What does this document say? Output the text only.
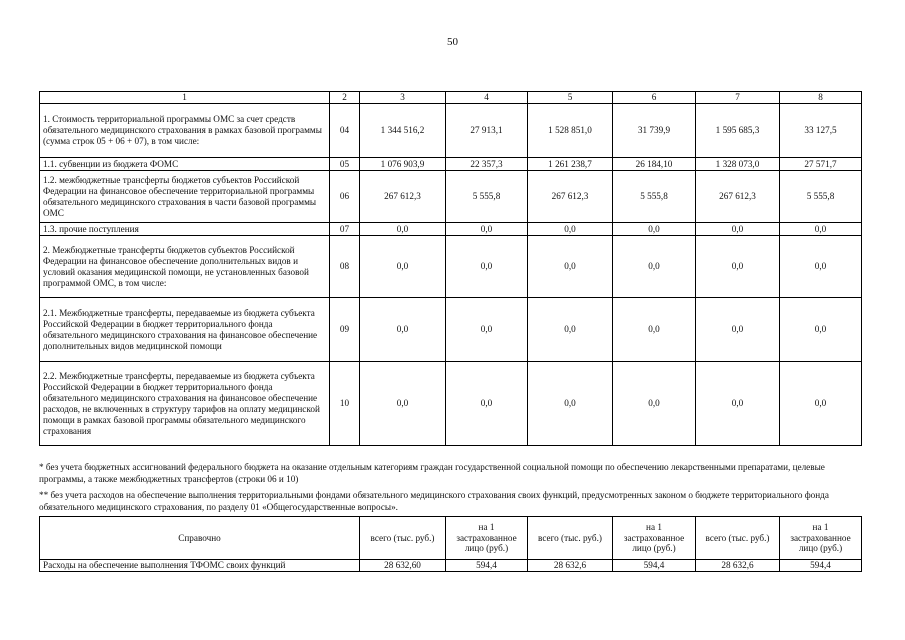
50
1	2	3	4	5	6	7	8
1. Стоимость территориальной программы ОМС за счет средств обязательного медицинского страхования в рамках базовой программы (сумма строк 05 + 06 + 07), в том числе:	04	1 344 516,2	27 913,1	1 528 851,0	31 739,9	1 595 685,3	33 127,5
1.1. субвенции из бюджета ФОМС	05	1 076 903,9	22 357,3	1 261 238,7	26 184,10	1 328 073,0	27 571,7
1.2. межбюджетные трансферты бюджетов субъектов Российской Федерации на финансовое обеспечение территориальной программы обязательного медицинского страхования в части базовой программы ОМС	06	267 612,3	5 555,8	267 612,3	5 555,8	267 612,3	5 555,8
1.3. прочие поступления	07	0,0	0,0	0,0	0,0	0,0	0,0
2. Межбюджетные трансферты бюджетов субъектов Российской Федерации на финансовое обеспечение дополнительных видов и условий оказания медицинской помощи, не установленных базовой программой ОМС, в том числе:	08	0,0	0,0	0,0	0,0	0,0	0,0
2.1. Межбюджетные трансферты, передаваемые из бюджета субъекта Российской Федерации в бюджет территориального фонда обязательного медицинского страхования на финансовое обеспечение дополнительных видов медицинской помощи	09	0,0	0,0	0,0	0,0	0,0	0,0
2.2. Межбюджетные трансферты, передаваемые из бюджета субъекта Российской Федерации в бюджет территориального фонда обязательного медицинского страхования на финансовое обеспечение расходов, не включенных в структуру тарифов на оплату медицинской помощи в рамках базовой программы обязательного медицинского страхования	10	0,0	0,0	0,0	0,0	0,0	0,0
* без учета бюджетных ассигнований федерального бюджета на оказание отдельным категориям граждан государственной социальной помощи по обеспечению лекарственными препаратами, целевые программы, а также межбюджетных трансфертов (строки 06 и 10)
** без учета расходов на обеспечение выполнения территориальными фондами обязательного медицинского страхования своих функций, предусмотренных законом о бюджете территориального фонда обязательного медицинского страхования, по разделу 01 «Общегосударственные вопросы».
Справочно	всего (тыс. руб.)	на 1 застрахованное лицо (руб.)	всего (тыс. руб.)	на 1 застрахованное лицо (руб.)	всего (тыс. руб.)	на 1 застрахованное лицо (руб.)
Расходы на обеспечение выполнения ТФОМС своих функций	28 632,60	594,4	28 632,6	594,4	28 632,6	594,4
